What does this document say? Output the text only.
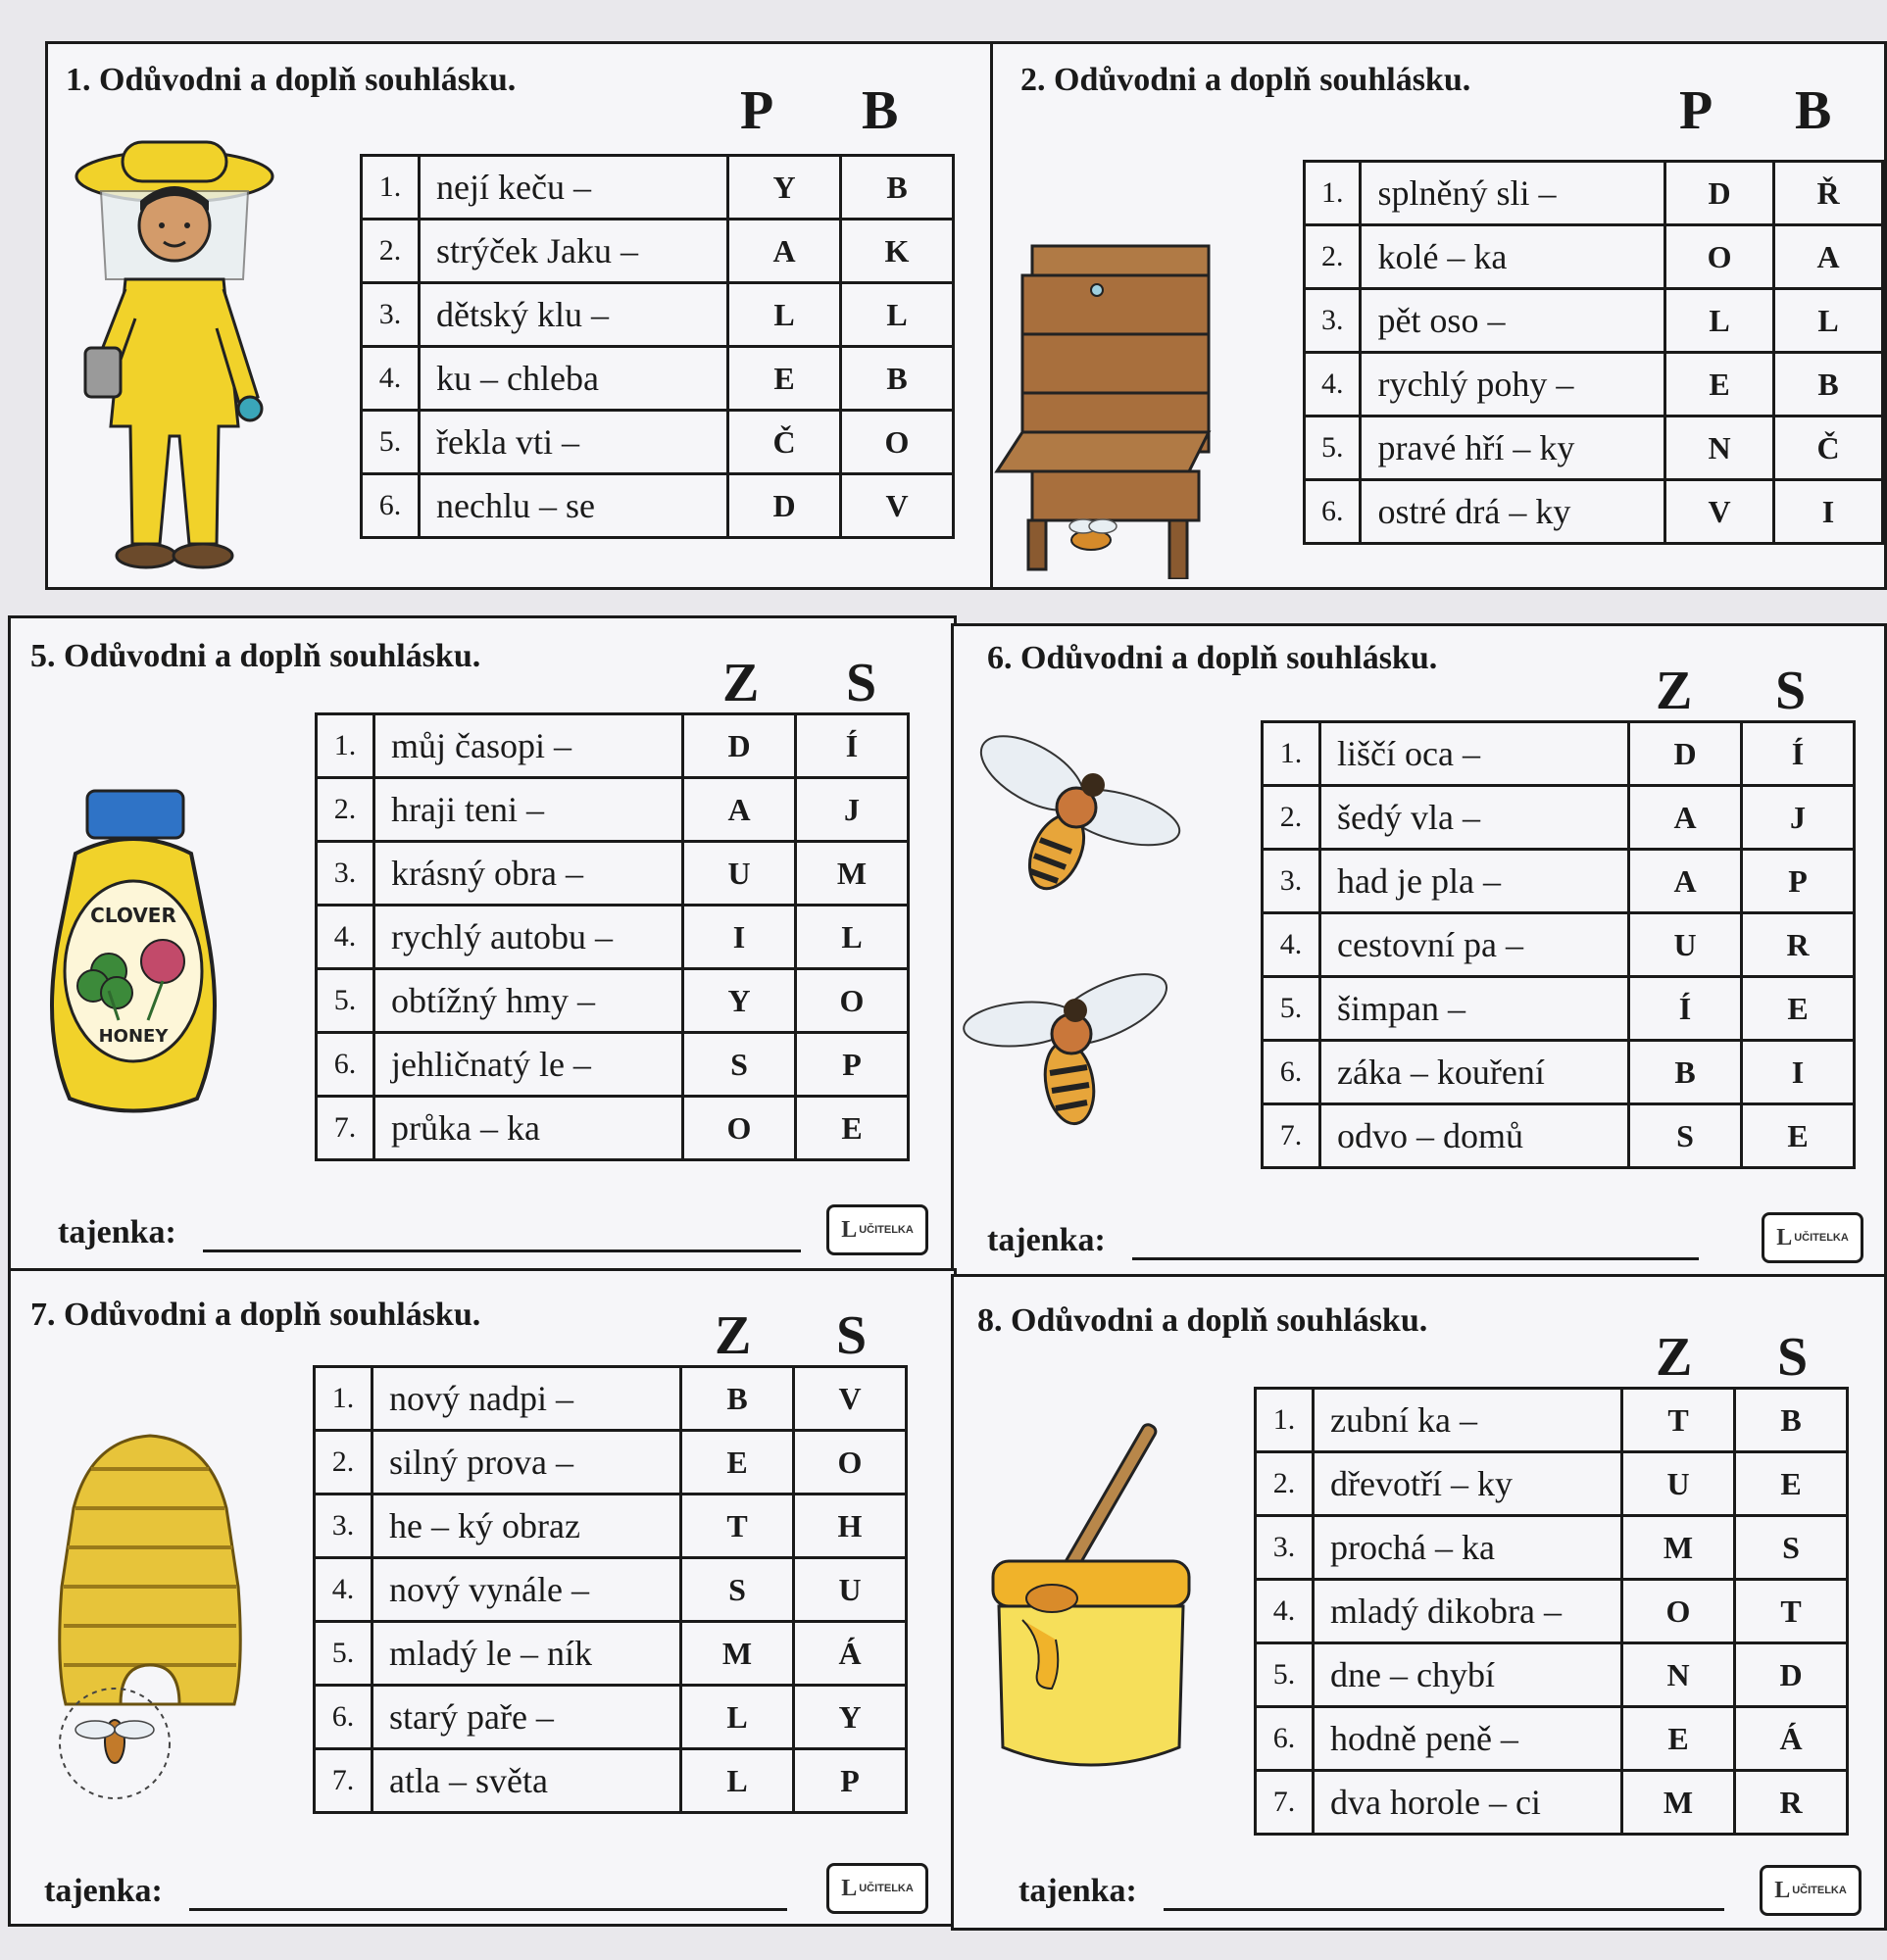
1. Odůvodni a doplň souhlásku.
P B
1.	nejí keču –	Y	B
2.	strýček Jaku –	A	K
3.	dětský klu –	L	L
4.	ku – chleba	E	B
5.	řekla vti –	Č	O
6.	nechlu – se	D	V
2. Odůvodni a doplň souhlásku.
P B
1.	splněný sli –	D	Ř
2.	kolé – ka	O	A
3.	pět oso –	L	L
4.	rychlý pohy –	E	B
5.	pravé hří – ky	N	Č
6.	ostré drá – ky	V	I
5. Odůvodni a doplň souhlásku.	Z S
CLOVER
HONEY
1.	můj časopi –	D	Í
2.	hraji teni –	A	J
3.	krásný obra –	U	M
4.	rychlý autobu –	I	L
5.	obtížný hmy –	Y	O
6.	jehličnatý le –	S	P
7.	průka – ka	O	E
tajenka:	L UČITELKA
6. Odůvodni a doplň souhlásku.
Z S
1.	liščí oca –	D	Í
2.	šedý vla –	A	J
3.	had je pla –	A	P
4.	cestovní pa –	U	R
5.	šimpan –	Í	E
6.	záka – kouření	B	I
7.	odvo – domů	S	E
tajenka:	L UČITELKA
7. Odůvodni a doplň souhlásku.	Z S
1.	nový nadpi –	B	V
2.	silný prova –	E	O
3.	he – ký obraz	T	H
4.	nový vynále –	S	U
5.	mladý le – ník	M	Á
6.	starý paře –	L	Y
7.	atla – světa	L	P
tajenka:	L UČITELKA
8. Odůvodni a doplň souhlásku.
Z S
1.	zubní ka –	T	B
2.	dřevotří – ky	U	E
3.	prochá – ka	M	S
4.	mladý dikobra –	O	T
5.	dne – chybí	N	D
6.	hodně peně –	E	Á
7.	dva horole – ci	M	R
tajenka:	L UČITELKA
